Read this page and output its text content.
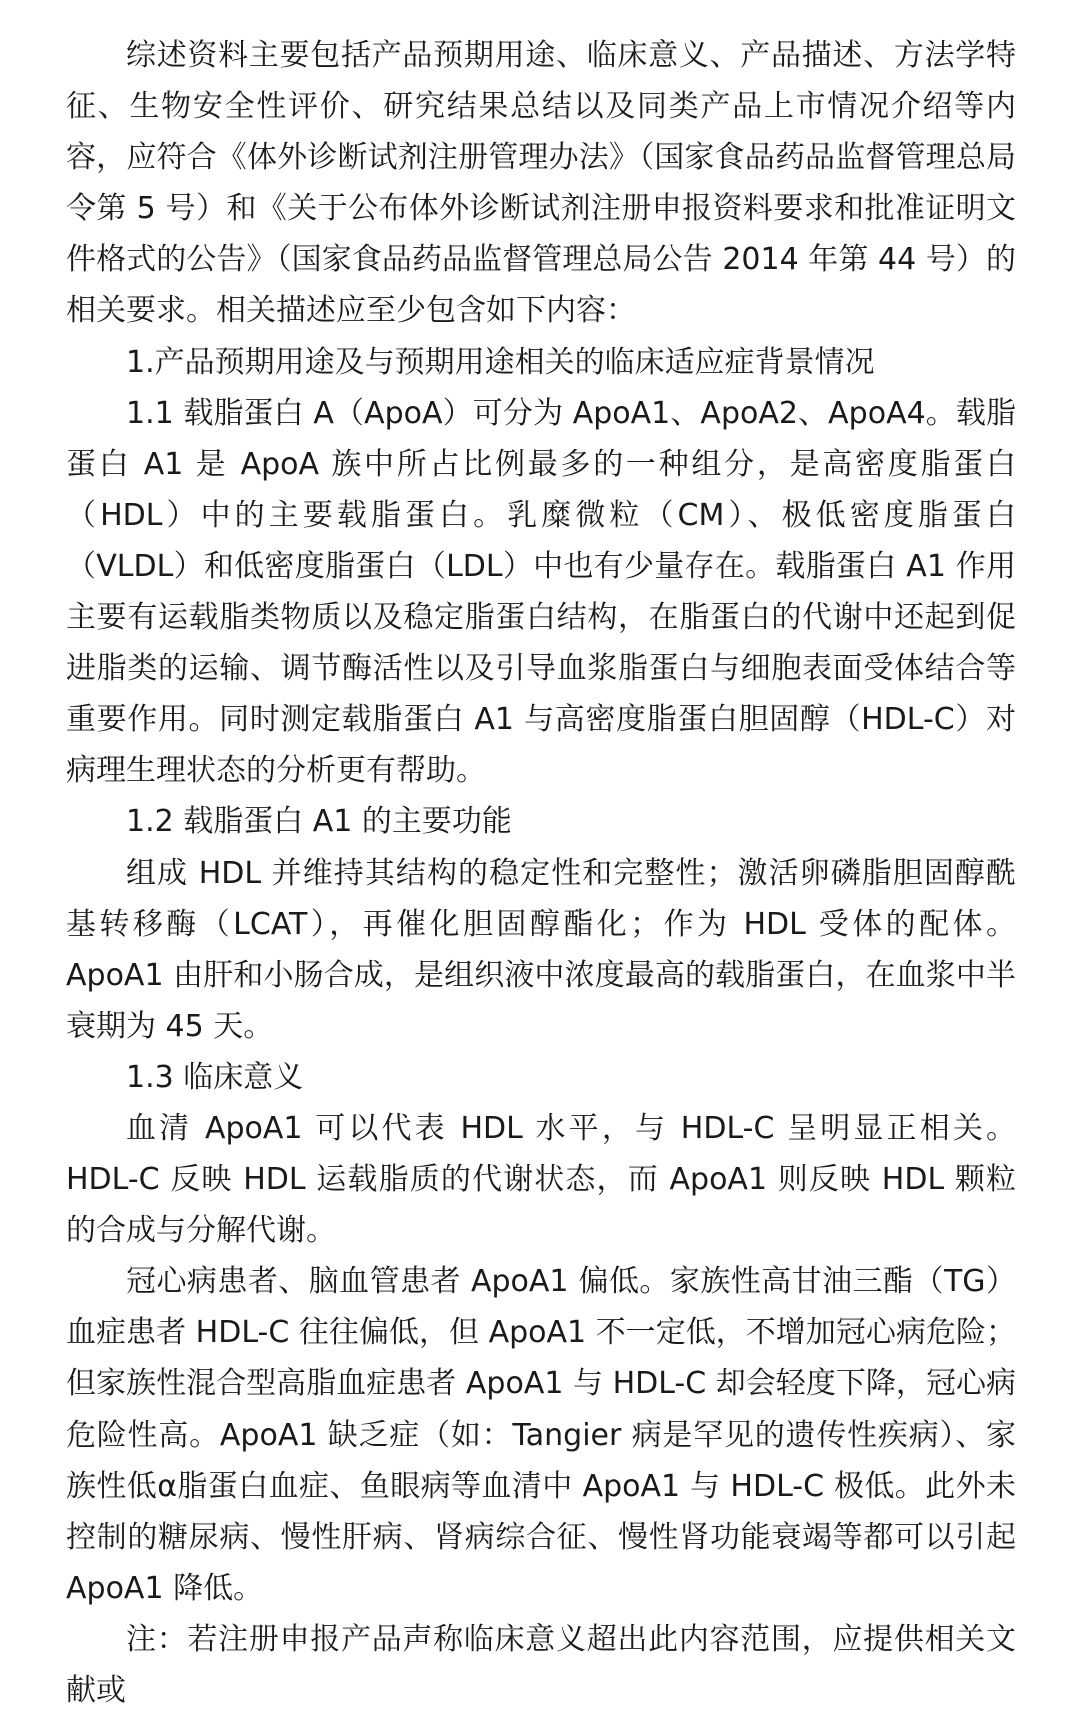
综述资料主要包括产品预期用途、临床意义、产品描述、方法学特征、生物安全性评价、研究结果总结以及同类产品上市情况介绍等内容，应符合《体外诊断试剂注册管理办法》（国家食品药品监督管理总局令第 5 号）和《关于公布体外诊断试剂注册申报资料要求和批准证明文件格式的公告》（国家食品药品监督管理总局公告 2014 年第 44 号）的相关要求。相关描述应至少包含如下内容：

1.产品预期用途及与预期用途相关的临床适应症背景情况

1.1 载脂蛋白 A（ApoA）可分为 ApoA1、ApoA2、ApoA4。载脂蛋白 A1 是 ApoA 族中所占比例最多的一种组分，是高密度脂蛋白（HDL）中的主要载脂蛋白。乳糜微粒（CM）、极低密度脂蛋白（VLDL）和低密度脂蛋白（LDL）中也有少量存在。载脂蛋白 A1 作用主要有运载脂类物质以及稳定脂蛋白结构，在脂蛋白的代谢中还起到促进脂类的运输、调节酶活性以及引导血浆脂蛋白与细胞表面受体结合等重要作用。同时测定载脂蛋白 A1 与高密度脂蛋白胆固醇（HDL-C）对病理生理状态的分析更有帮助。

1.2 载脂蛋白 A1 的主要功能

组成 HDL 并维持其结构的稳定性和完整性；激活卵磷脂胆固醇酰基转移酶（LCAT），再催化胆固醇酯化；作为 HDL 受体的配体。ApoA1 由肝和小肠合成，是组织液中浓度最高的载脂蛋白，在血浆中半衰期为 45 天。

1.3 临床意义

血清 ApoA1 可以代表 HDL 水平，与 HDL-C 呈明显正相关。HDL-C 反映 HDL 运载脂质的代谢状态，而 ApoA1 则反映 HDL 颗粒的合成与分解代谢。

冠心病患者、脑血管患者 ApoA1 偏低。家族性高甘油三酯（TG）血症患者 HDL-C 往往偏低，但 ApoA1 不一定低，不增加冠心病危险；但家族性混合型高脂血症患者 ApoA1 与 HDL-C 却会轻度下降，冠心病危险性高。ApoA1 缺乏症（如：Tangier 病是罕见的遗传性疾病）、家族性低α脂蛋白血症、鱼眼病等血清中 ApoA1 与 HDL-C 极低。此外未控制的糖尿病、慢性肝病、肾病综合征、慢性肾功能衰竭等都可以引起 ApoA1 降低。

注：若注册申报产品声称临床意义超出此内容范围，应提供相关文献或
